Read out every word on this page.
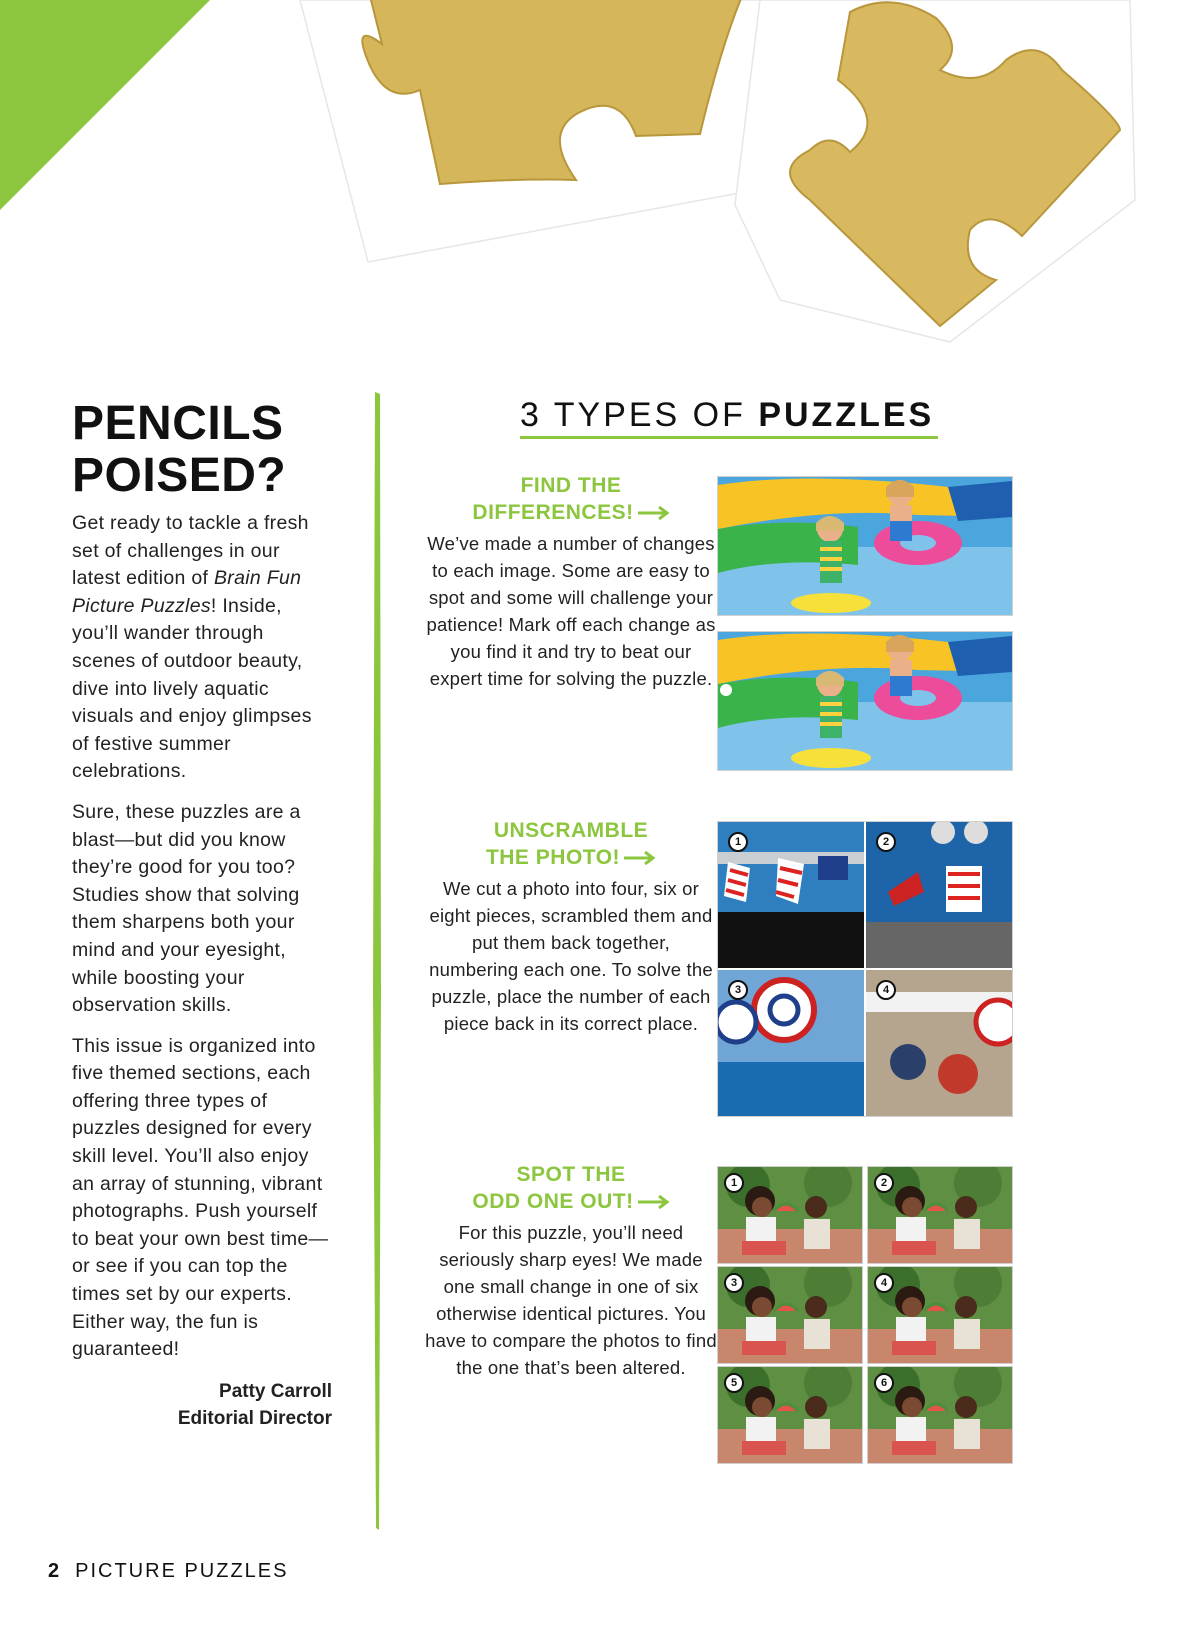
PENCILS
POISED?

Get ready to tackle a fresh set of challenges in our latest edition of Brain Fun Picture Puzzles! Inside, you’ll wander through scenes of outdoor beauty, dive into lively aquatic visuals and enjoy glimpses of festive summer celebrations.

Sure, these puzzles are a blast—but did you know they’re good for you too? Studies show that solving them sharpens both your mind and your eyesight, while boosting your observation skills.

This issue is organized into five themed sections, each offering three types of puzzles designed for every skill level. You’ll also enjoy an array of stunning, vibrant photographs. Push yourself to beat your own best time—or see if you can top the times set by our experts. Either way, the fun is guaranteed!

Patty Carroll
Editorial Director
3 TYPES OF PUZZLES
FIND THE
DIFFERENCES!

We’ve made a number of changes to each image. Some are easy to spot and some will challenge your patience! Mark off each change as you find it and try to beat our expert time for solving the puzzle.

UNSCRAMBLE
THE PHOTO!

We cut a photo into four, six or eight pieces, scrambled them and put them back together, numbering each one. To solve the puzzle, place the number of each piece back in its correct place.

1	2
3	4
SPOT THE
ODD ONE OUT!

For this puzzle, you’ll need seriously sharp eyes! We made one small change in one of six otherwise identical pictures. You have to compare the photos to find the one that’s been altered.

1	2
3	4
5	6
2 PICTURE PUZZLES
